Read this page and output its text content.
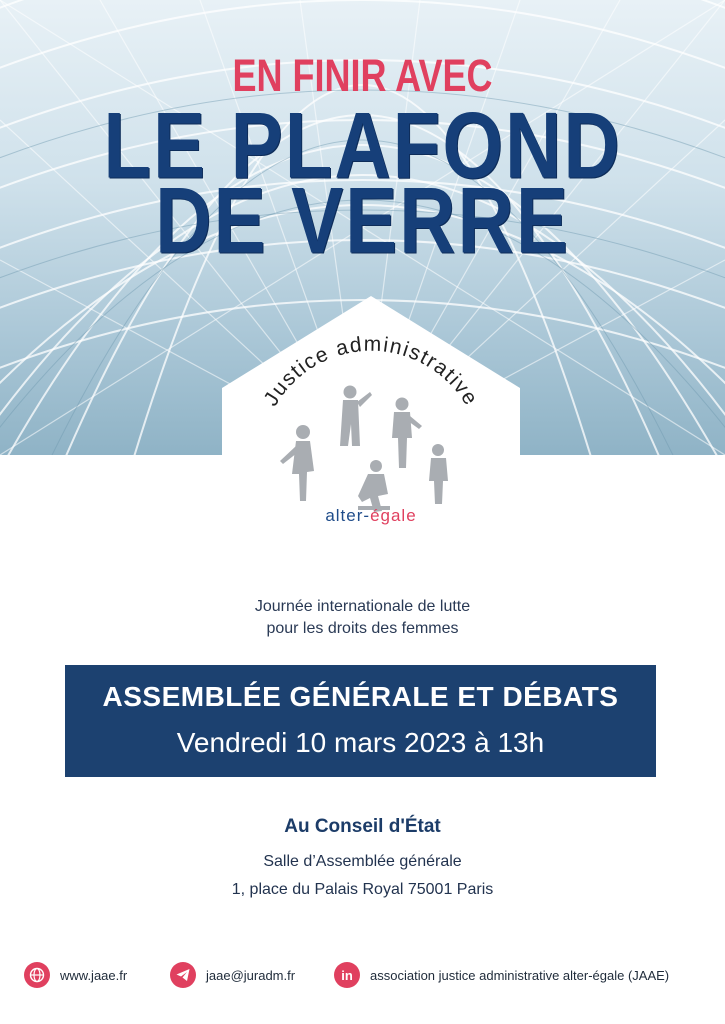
EN FINIR AVEC
LE PLAFOND
DE VERRE
Justice administrative
alter-égale
Journée internationale de lutte
pour les droits des femmes
ASSEMBLÉE GÉNÉRALE ET DÉBATS
Vendredi 10 mars 2023 à 13h
Au Conseil d'État
Salle d’Assemblée générale
1, place du Palais Royal 75001 Paris
www.jaae.fr	jaae@juradm.fr	in association justice administrative alter-égale (JAAE)
